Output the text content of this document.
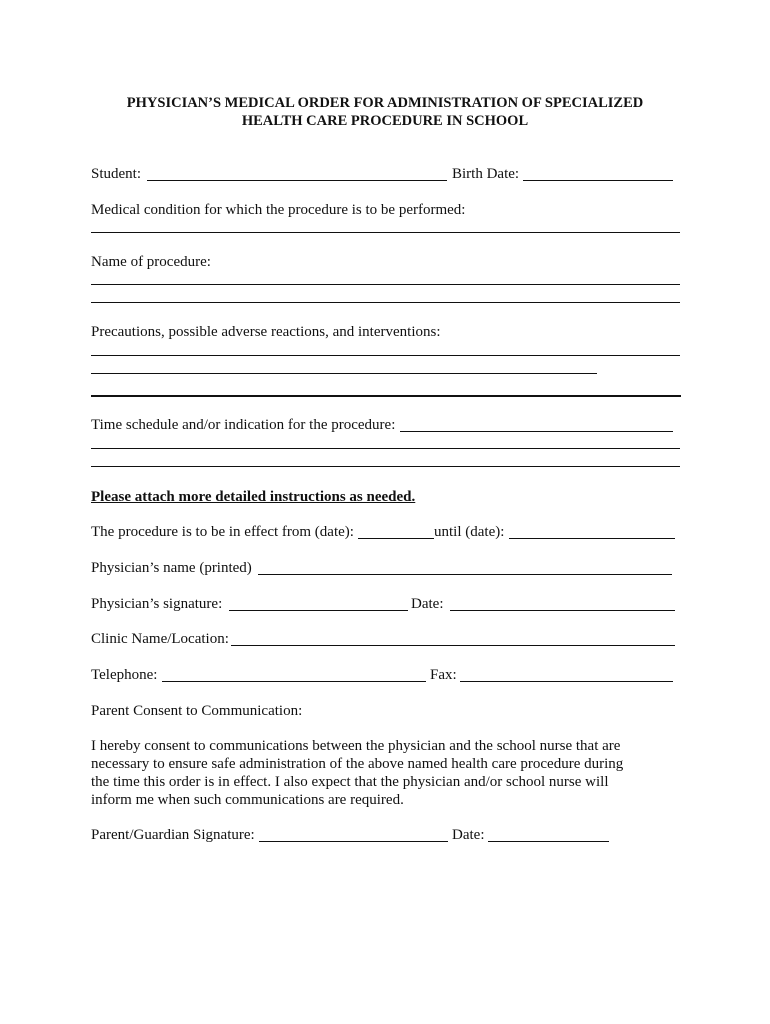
PHYSICIAN’S MEDICAL ORDER FOR ADMINISTRATION OF SPECIALIZED
HEALTH CARE PROCEDURE IN SCHOOL
Student:	Birth Date:
Medical condition for which the procedure is to be performed:
Name of procedure:
Precautions, possible adverse reactions, and interventions:
Time schedule and/or indication for the procedure:
Please attach more detailed instructions as needed.
The procedure is to be in effect from (date):	until (date):
Physician’s name (printed)
Physician’s signature:	Date:
Clinic Name/Location:
Telephone:	Fax:
Parent Consent to Communication:
I hereby consent to communications between the physician and the school nurse that are
necessary to ensure safe administration of the above named health care procedure during
the time this order is in effect. I also expect that the physician and/or school nurse will
inform me when such communications are required.
Parent/Guardian Signature:	Date:
